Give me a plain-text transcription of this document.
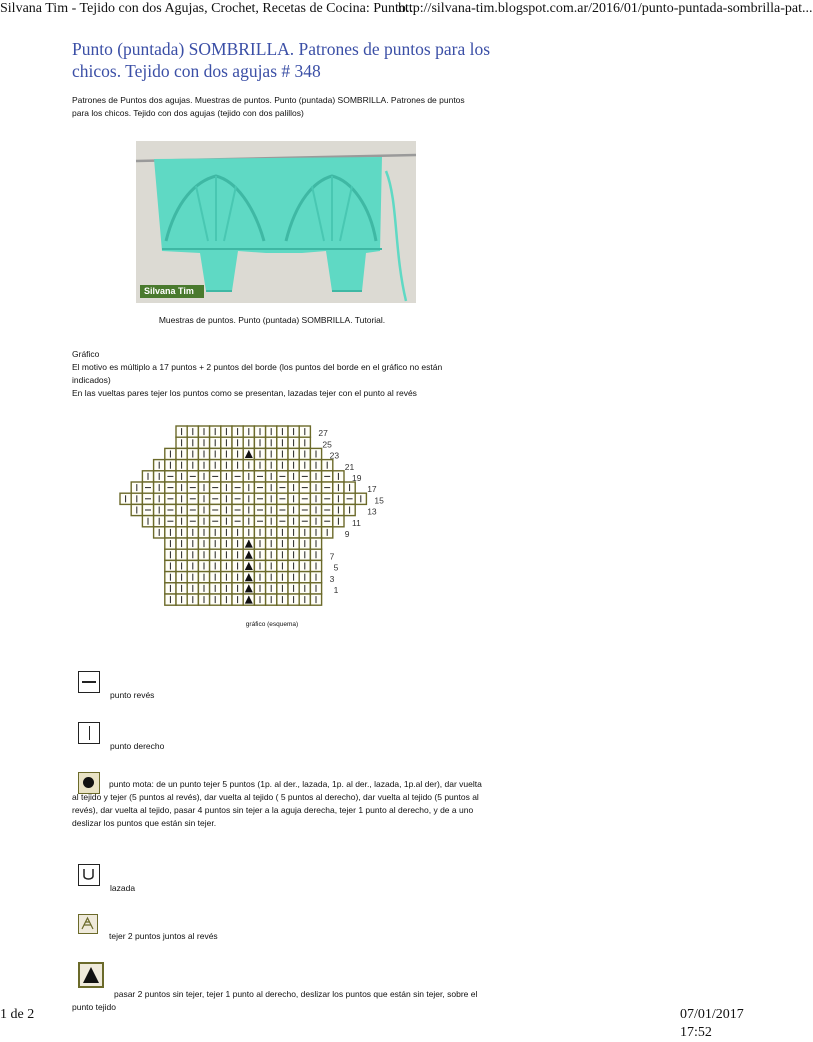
Silvana Tim - Tejido con dos Agujas, Crochet, Recetas de Cocina: Punto...
http://silvana-tim.blogspot.com.ar/2016/01/punto-puntada-sombrilla-pat...
Punto (puntada) SOMBRILLA. Patrones de puntos para los chicos. Tejido con dos agujas # 348
Patrones de Puntos dos agujas. Muestras de puntos. Punto (puntada) SOMBRILLA. Patrones de puntos para los chicos. Tejido con dos agujas (tejido con dos palillos)
Silvana Tim
Muestras de puntos. Punto (puntada) SOMBRILLA. Tutorial.
Gráfico
El motivo es múltiplo a 17 puntos + 2 puntos del borde (los puntos del borde en el gráfico no están indicados)
En las vueltas pares tejer los puntos como se presentan, lazadas tejer con el punto al revés
27
25
23
21
19
17
15
13
11
9
7
5
3
1
gráfico (esquema)
punto revés
punto derecho
punto mota: de un punto tejer 5 puntos (1p. al der., lazada, 1p. al der., lazada, 1p.al der), dar vuelta al tejido y tejer (5 puntos al revés), dar vuelta al tejido ( 5 puntos al derecho), dar vuelta al tejido (5 puntos al revés), dar vuelta al tejido, pasar 4 puntos sin tejer a la aguja derecha, tejer 1 punto al derecho, y de a uno deslizar los puntos que están sin tejer.
lazada
tejer 2 puntos juntos al revés
pasar 2 puntos sin tejer, tejer 1 punto al derecho, deslizar los puntos que están sin tejer, sobre el punto tejido
1 de 2	07/01/2017 17:52
